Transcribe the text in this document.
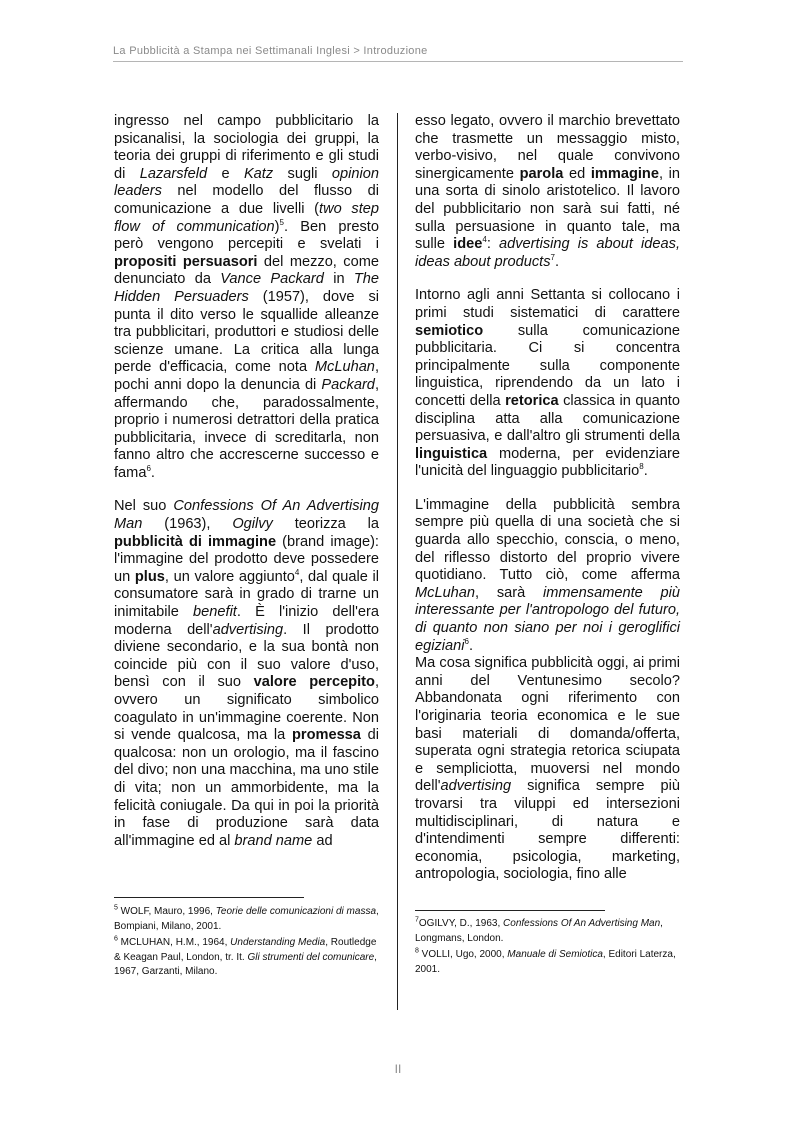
La Pubblicità a Stampa nei Settimanali Inglesi > Introduzione

ingresso nel campo pubblicitario la psicanalisi, la sociologia dei gruppi, la teoria dei gruppi di riferimento e gli studi di Lazarsfeld e Katz sugli opinion leaders nel modello del flusso di comunicazione a due livelli (two step flow of communication)$^5$. Ben presto però vengono percepiti e svelati i propositi persuasori del mezzo, come denunciato da Vance Packard in The Hidden Persuaders (1957), dove si punta il dito verso le squallide alleanze tra pubblicitari, produttori e studiosi delle scienze umane. La critica alla lunga perde d'efficacia, come nota McLuhan, pochi anni dopo la denuncia di Packard, affermando che, paradossalmente, proprio i numerosi detrattori della pratica pubblicitaria, invece di screditarla, non fanno altro che accrescerne successo e fama$^6$.

Nel suo Confessions Of An Advertising Man (1963), Ogilvy teorizza la pubblicità di immagine (brand image): l'immagine del prodotto deve possedere un plus, un valore aggiunto$^4$, dal quale il consumatore sarà in grado di trarne un inimitabile benefit. È l'inizio dell'era moderna dell'advertising. Il prodotto diviene secondario, e la sua bontà non coincide più con il suo valore d'uso, bensì con il suo valore percepito, ovvero un significato simbolico coagulato in un'immagine coerente. Non si vende qualcosa, ma la promessa di qualcosa: non un orologio, ma il fascino del divo; non una macchina, ma uno stile di vita; non un ammorbidente, ma la felicità coniugale. Da qui in poi la priorità in fase di produzione sarà data all'immagine ed al brand name ad

esso legato, ovvero il marchio brevettato che trasmette un messaggio misto, verbo-visivo, nel quale convivono sinergicamente parola ed immagine, in una sorta di sinolo aristotelico. Il lavoro del pubblicitario non sarà sui fatti, né sulla persuasione in quanto tale, ma sulle idee$^4$: advertising is about ideas, ideas about products$^7$.

Intorno agli anni Settanta si collocano i primi studi sistematici di carattere semiotico sulla comunicazione pubblicitaria. Ci si concentra principalmente sulla componente linguistica, riprendendo da un lato i concetti della retorica classica in quanto disciplina atta alla comunicazione persuasiva, e dall'altro gli strumenti della linguistica moderna, per evidenziare l'unicità del linguaggio pubblicitario$^8$.

L'immagine della pubblicità sembra sempre più quella di una società che si guarda allo specchio, conscia, o meno, del riflesso distorto del proprio vivere quotidiano. Tutto ciò, come afferma McLuhan, sarà immensamente più interessante per l'antropologo del futuro, di quanto non siano per noi i geroglifici egiziani$^6$.

Ma cosa significa pubblicità oggi, ai primi anni del Ventunesimo secolo? Abbandonata ogni riferimento con l'originaria teoria economica e le sue basi materiali di domanda/offerta, superata ogni strategia retorica sciupata e sempliciotta, muoversi nel mondo dell'advertising significa sempre più trovarsi tra viluppi ed intersezioni multidisciplinari, di natura e d'intendimenti sempre differenti: economia, psicologia, marketing, antropologia, sociologia, fino alle

$^5$ WOLF, Mauro, 1996, Teorie delle comunicazioni di massa, Bompiani, Milano, 2001.

$^6$ MCLUHAN, H.M., 1964, Understanding Media, Routledge & Keagan Paul, London, tr. It. Gli strumenti del comunicare, 1967, Garzanti, Milano.

$^7$OGILVY, D., 1963, Confessions Of An Advertising Man, Longmans, London.

$^8$ VOLLI, Ugo, 2000, Manuale di Semiotica, Editori Laterza, 2001.

II
